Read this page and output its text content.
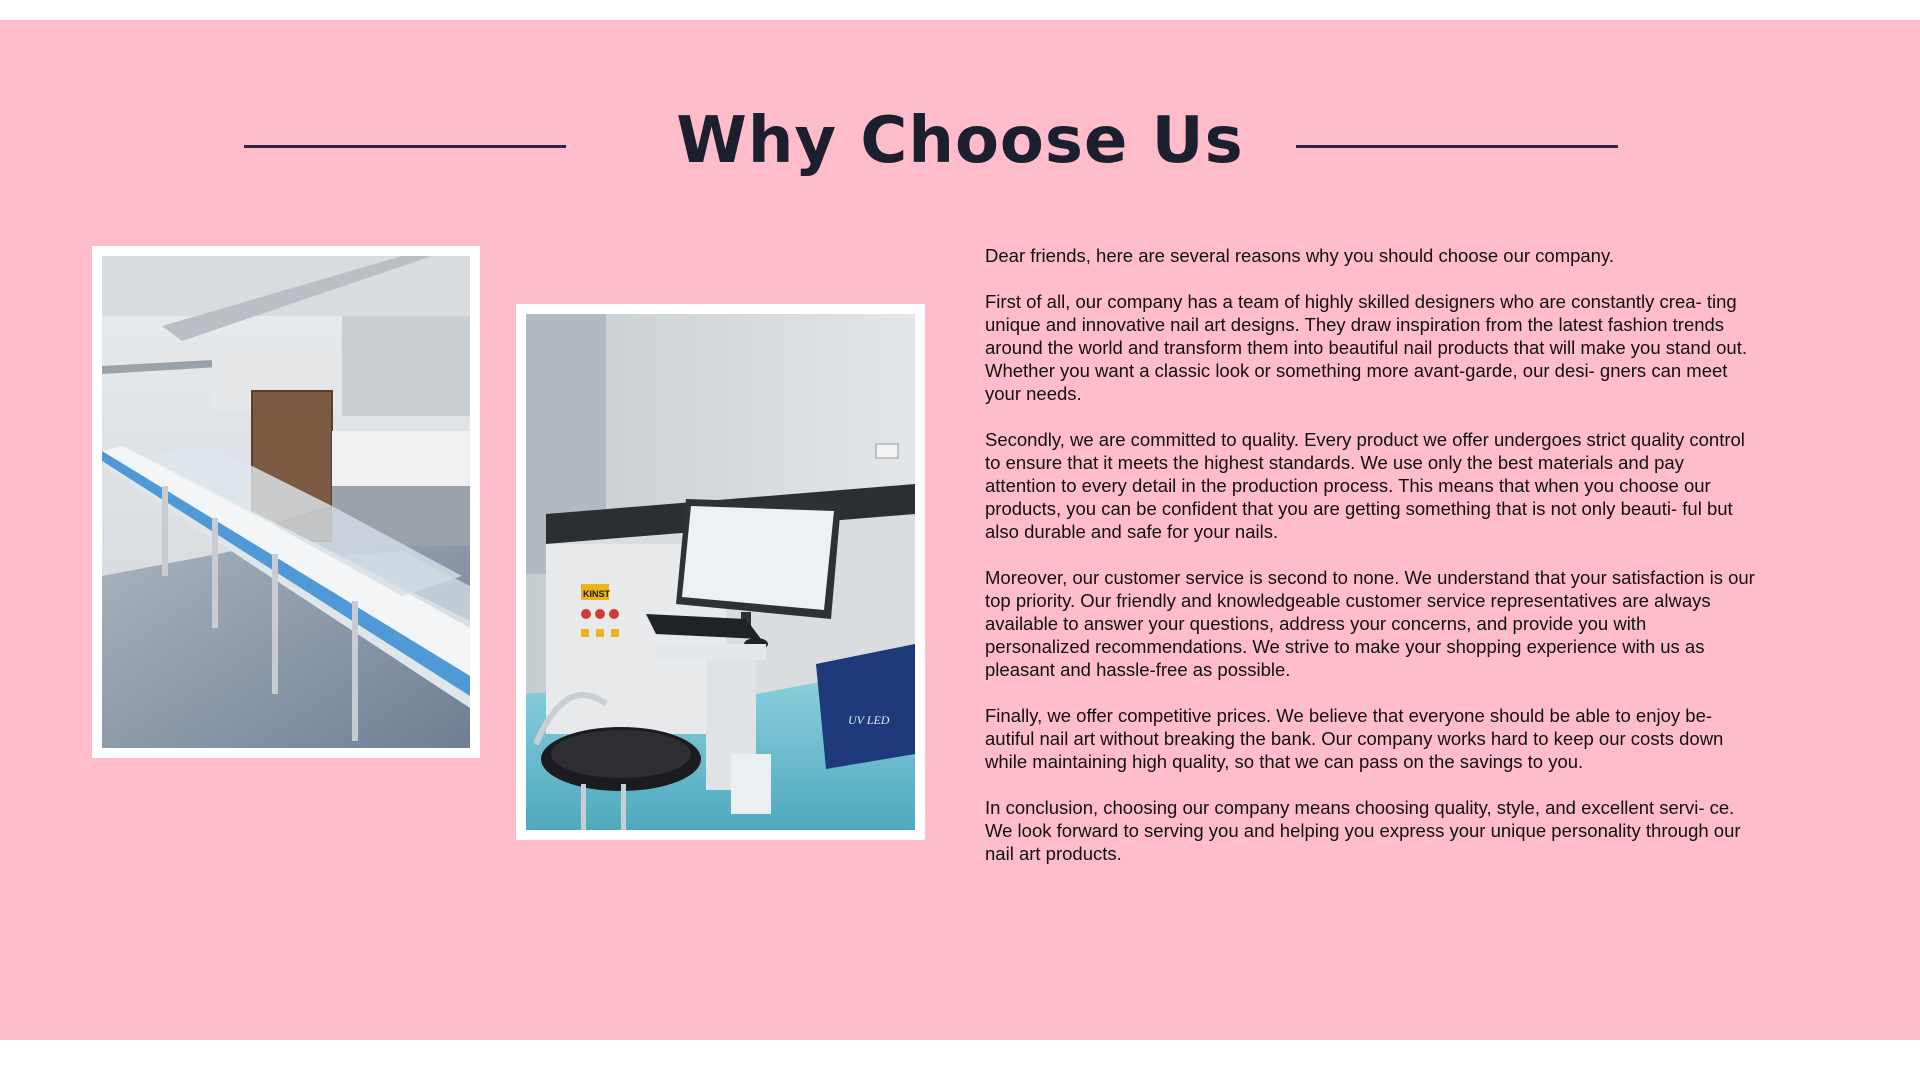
Why Choose Us
KINST
UV LED

Dear friends, here are several reasons why you should choose our company.

First of all, our company has a team of highly skilled designers who are constantly crea- ting unique and innovative nail art designs. They draw inspiration from the latest fashion trends around the world and transform them into beautiful nail products that will make you stand out. Whether you want a classic look or something more avant-garde, our desi- gners can meet your needs.

Secondly, we are committed to quality. Every product we offer undergoes strict quality control to ensure that it meets the highest standards. We use only the best materials and pay attention to every detail in the production process. This means that when you choose our products, you can be confident that you are getting something that is not only beauti- ful but also durable and safe for your nails.

Moreover, our customer service is second to none. We understand that your satisfaction is our top priority. Our friendly and knowledgeable customer service representatives are always available to answer your questions, address your concerns, and provide you with personalized recommendations. We strive to make your shopping experience with us as pleasant and hassle-free as possible.

Finally, we offer competitive prices. We believe that everyone should be able to enjoy be- autiful nail art without breaking the bank. Our company works hard to keep our costs down while maintaining high quality, so that we can pass on the savings to you.

In conclusion, choosing our company means choosing quality, style, and excellent servi- ce. We look forward to serving you and helping you express your unique personality through our nail art products.
